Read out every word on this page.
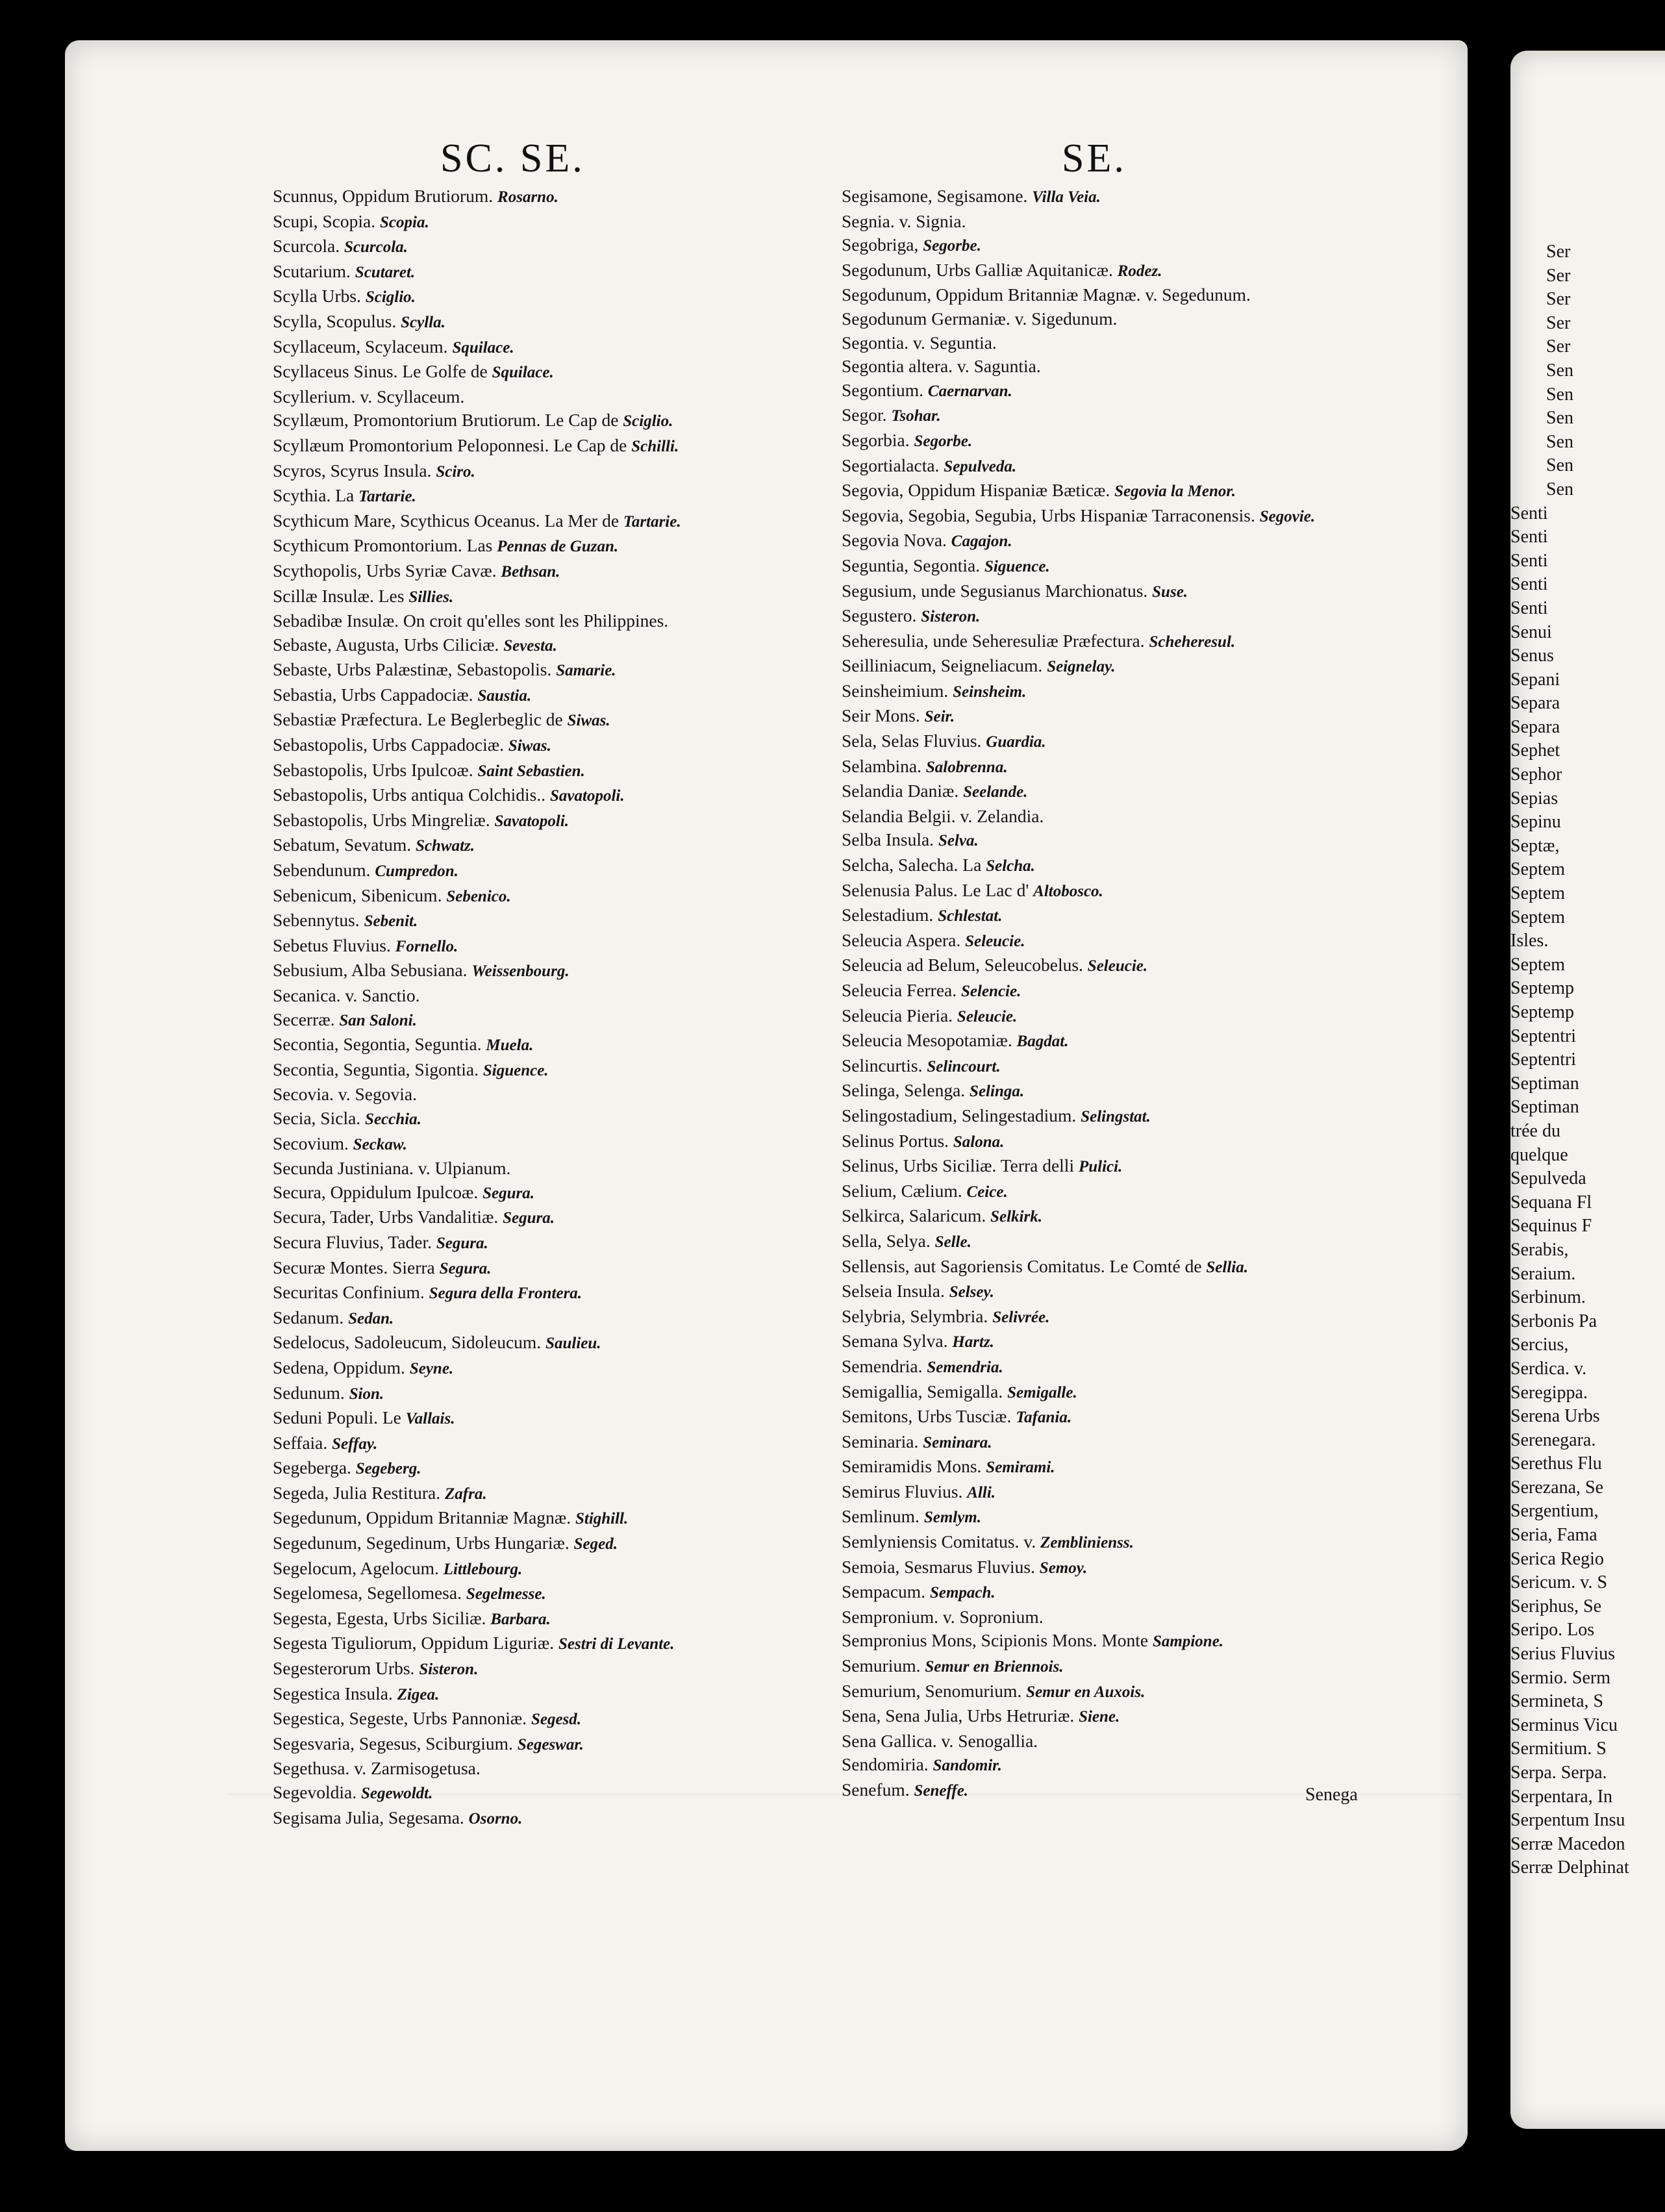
SC. SE.	SE.
Scunnus, Oppidum Brutiorum. Rosarno.
Scupi, Scopia. Scopia.
Scurcola. Scurcola.
Scutarium. Scutaret.
Scylla Urbs. Sciglio.
Scylla, Scopulus. Scylla.
Scyllaceum, Scylaceum. Squilace.
Scyllaceus Sinus. Le Golfe de Squilace.
Scyllerium. v. Scyllaceum.
Scyllæum, Promontorium Brutiorum. Le Cap de Sciglio.
Scyllæum Promontorium Peloponnesi. Le Cap de Schilli.
Scyros, Scyrus Insula. Sciro.
Scythia. La Tartarie.
Scythicum Mare, Scythicus Oceanus. La Mer de Tartarie.
Scythicum Promontorium. Las Pennas de Guzan.
Scythopolis, Urbs Syriæ Cavæ. Bethsan.
Scillæ Insulæ. Les Sillies.
Sebadibæ Insulæ. On croit qu'elles sont les Philippines.
Sebaste, Augusta, Urbs Ciliciæ. Sevesta.
Sebaste, Urbs Palæstinæ, Sebastopolis. Samarie.
Sebastia, Urbs Cappadociæ. Saustia.
Sebastiæ Præfectura. Le Beglerbeglic de Siwas.
Sebastopolis, Urbs Cappadociæ. Siwas.
Sebastopolis, Urbs Ipulcoæ. Saint Sebastien.
Sebastopolis, Urbs antiqua Colchidis.. Savatopoli.
Sebastopolis, Urbs Mingreliæ. Savatopoli.
Sebatum, Sevatum. Schwatz.
Sebendunum. Cumpredon.
Sebenicum, Sibenicum. Sebenico.
Sebennytus. Sebenit.
Sebetus Fluvius. Fornello.
Sebusium, Alba Sebusiana. Weissenbourg.
Secanica. v. Sanctio.
Secerræ. San Saloni.
Secontia, Segontia, Seguntia. Muela.
Secontia, Seguntia, Sigontia. Siguence.
Secovia. v. Segovia.
Secia, Sicla. Secchia.
Secovium. Seckaw.
Secunda Justiniana. v. Ulpianum.
Secura, Oppidulum Ipulcoæ. Segura.
Secura, Tader, Urbs Vandalitiæ. Segura.
Secura Fluvius, Tader. Segura.
Securæ Montes. Sierra Segura.
Securitas Confinium. Segura della Frontera.
Sedanum. Sedan.
Sedelocus, Sadoleucum, Sidoleucum. Saulieu.
Sedena, Oppidum. Seyne.
Sedunum. Sion.
Seduni Populi. Le Vallais.
Seffaia. Seffay.
Segeberga. Segeberg.
Segeda, Julia Restitura. Zafra.
Segedunum, Oppidum Britanniæ Magnæ. Stighill.
Segedunum, Segedinum, Urbs Hungariæ. Seged.
Segelocum, Agelocum. Littlebourg.
Segelomesa, Segellomesa. Segelmesse.
Segesta, Egesta, Urbs Siciliæ. Barbara.
Segesta Tiguliorum, Oppidum Liguriæ. Sestri di Levante.
Segesterorum Urbs. Sisteron.
Segestica Insula. Zigea.
Segestica, Segeste, Urbs Pannoniæ. Segesd.
Segesvaria, Segesus, Sciburgium. Segeswar.
Segethusa. v. Zarmisogetusa.
Segevoldia. Segewoldt.
Segisama Julia, Segesama. Osorno.
Segisamone, Segisamone. Villa Veia.
Segnia. v. Signia.
Segobriga, Segorbe.
Segodunum, Urbs Galliæ Aquitanicæ. Rodez.
Segodunum, Oppidum Britanniæ Magnæ. v. Segedunum.
Segodunum Germaniæ. v. Sigedunum.
Segontia. v. Seguntia.
Segontia altera. v. Saguntia.
Segontium. Caernarvan.
Segor. Tsohar.
Segorbia. Segorbe.
Segortialacta. Sepulveda.
Segovia, Oppidum Hispaniæ Bæticæ. Segovia la Menor.
Segovia, Segobia, Segubia, Urbs Hispaniæ Tarraconensis. Segovie.
Segovia Nova. Cagajon.
Seguntia, Segontia. Siguence.
Segusium, unde Segusianus Marchionatus. Suse.
Segustero. Sisteron.
Seheresulia, unde Seheresuliæ Præfectura. Scheheresul.
Seilliniacum, Seigneliacum. Seignelay.
Seinsheimium. Seinsheim.
Seir Mons. Seir.
Sela, Selas Fluvius. Guardia.
Selambina. Salobrenna.
Selandia Daniæ. Seelande.
Selandia Belgii. v. Zelandia.
Selba Insula. Selva.
Selcha, Salecha. La Selcha.
Selenusia Palus. Le Lac d' Altobosco.
Selestadium. Schlestat.
Seleucia Aspera. Seleucie.
Seleucia ad Belum, Seleucobelus. Seleucie.
Seleucia Ferrea. Selencie.
Seleucia Pieria. Seleucie.
Seleucia Mesopotamiæ. Bagdat.
Selincurtis. Selincourt.
Selinga, Selenga. Selinga.
Selingostadium, Selingestadium. Selingstat.
Selinus Portus. Salona.
Selinus, Urbs Siciliæ. Terra delli Pulici.
Selium, Cælium. Ceice.
Selkirca, Salaricum. Selkirk.
Sella, Selya. Selle.
Sellensis, aut Sagoriensis Comitatus. Le Comté de Sellia.
Selseia Insula. Selsey.
Selybria, Selymbria. Selivrée.
Semana Sylva. Hartz.
Semendria. Semendria.
Semigallia, Semigalla. Semigalle.
Semitons, Urbs Tusciæ. Tafania.
Seminaria. Seminara.
Semiramidis Mons. Semirami.
Semirus Fluvius. Alli.
Semlinum. Semlym.
Semlyniensis Comitatus. v. Zemblinienss.
Semoia, Sesmarus Fluvius. Semoy.
Sempacum. Sempach.
Sempronium. v. Sopronium.
Sempronius Mons, Scipionis Mons. Monte Sampione.
Semurium. Semur en Briennois.
Semurium, Senomurium. Semur en Auxois.
Sena, Sena Julia, Urbs Hetruriæ. Siene.
Sena Gallica. v. Senogallia.
Sendomiria. Sandomir.
Senefum. Seneffe.	Senega
Ser
Ser
Ser
Ser
Ser
Sen
Sen
Sen
Sen
Sen
Sen
Senti
Senti
Senti
Senti
Senti
Senui
Senus
Sepani
Separa
Separa
Sephet
Sephor
Sepias
Sepinu
Septæ,
Septem
Septem
Septem
Isles.
Septem
Septemp
Septemp
Septentri
Septentri
Septiman
Septiman
trée du
quelque
Sepulveda
Sequana Fl
Sequinus F
Serabis,
Seraium.
Serbinum.
Serbonis Pa
Sercius,
Serdica. v.
Seregippa.
Serena Urbs
Serenegara.
Serethus Flu
Serezana, Se
Sergentium,
Seria, Fama
Serica Regio
Sericum. v. S
Seriphus, Se
Seripo. Los
Serius Fluvius
Sermio. Serm
Sermineta, S
Serminus Vicu
Sermitium. S
Serpa. Serpa.
Serpentara, In
Serpentum Insu
Serræ Macedon
Serræ Delphinat
